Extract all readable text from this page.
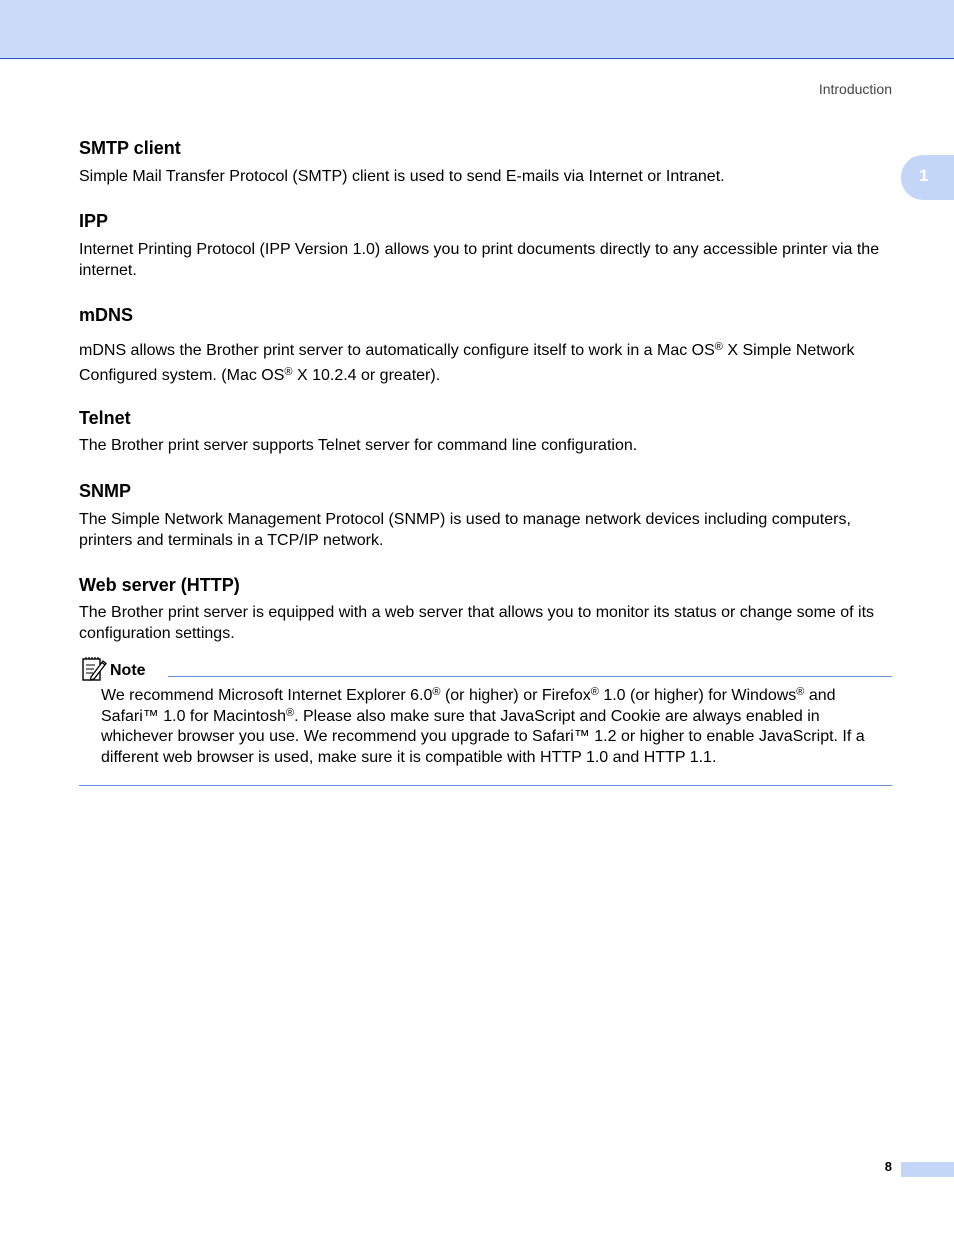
Introduction
1
SMTP client

Simple Mail Transfer Protocol (SMTP) client is used to send E-mails via Internet or Intranet.

IPP

Internet Printing Protocol (IPP Version 1.0) allows you to print documents directly to any accessible printer via the internet.

mDNS

mDNS allows the Brother print server to automatically configure itself to work in a Mac OS® X Simple Network Configured system. (Mac OS® X 10.2.4 or greater).

Telnet

The Brother print server supports Telnet server for command line configuration.

SNMP

The Simple Network Management Protocol (SNMP) is used to manage network devices including computers, printers and terminals in a TCP/IP network.

Web server (HTTP)

The Brother print server is equipped with a web server that allows you to monitor its status or change some of its configuration settings.

Note

We recommend Microsoft Internet Explorer 6.0® (or higher) or Firefox® 1.0 (or higher) for Windows® and Safari™ 1.0 for Macintosh®. Please also make sure that JavaScript and Cookie are always enabled in whichever browser you use. We recommend you upgrade to Safari™ 1.2 or higher to enable JavaScript. If a different web browser is used, make sure it is compatible with HTTP 1.0 and HTTP 1.1.

8
